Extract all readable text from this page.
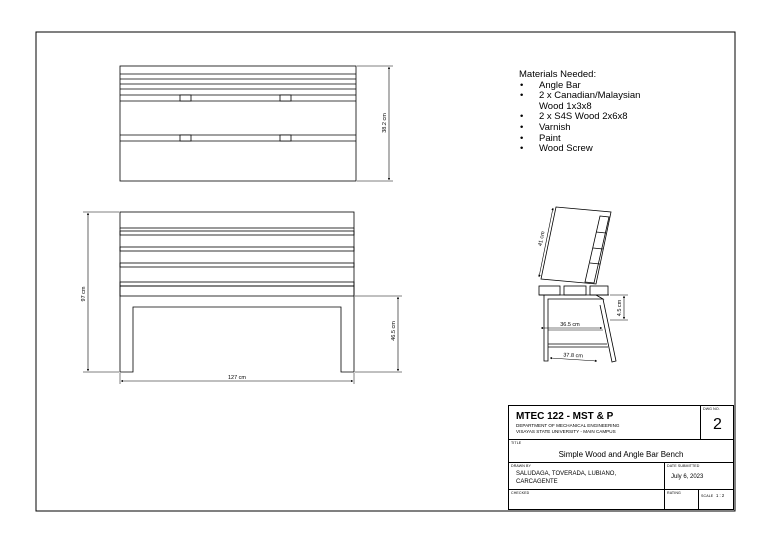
38.2 cm
97 cm
46.5 cm
127 cm
41 cm
4.5 cm
36.5 cm
37.8 cm
Materials Needed:
• Angle Bar
• 2 x Canadian/Malaysian
Wood 1x3x8
• 2 x S4S Wood 2x6x8
• Varnish
• Paint
• Wood Screw
MTEC 122 - MST & P
DEPARTMENT OF MECHANICAL ENGINEERING
VISAYAS STATE UNIVERSITY - MAIN CAMPUS
DWG NO.
2
TITLE
Simple Wood and Angle Bar Bench
DRAWN BY
SALUDAGA, TOVERADA, LUBIANO,
CARCAGENTE
DATE SUBMITTED
July 6, 2023
CHECKED	RATING
SCALE 1 : 2
